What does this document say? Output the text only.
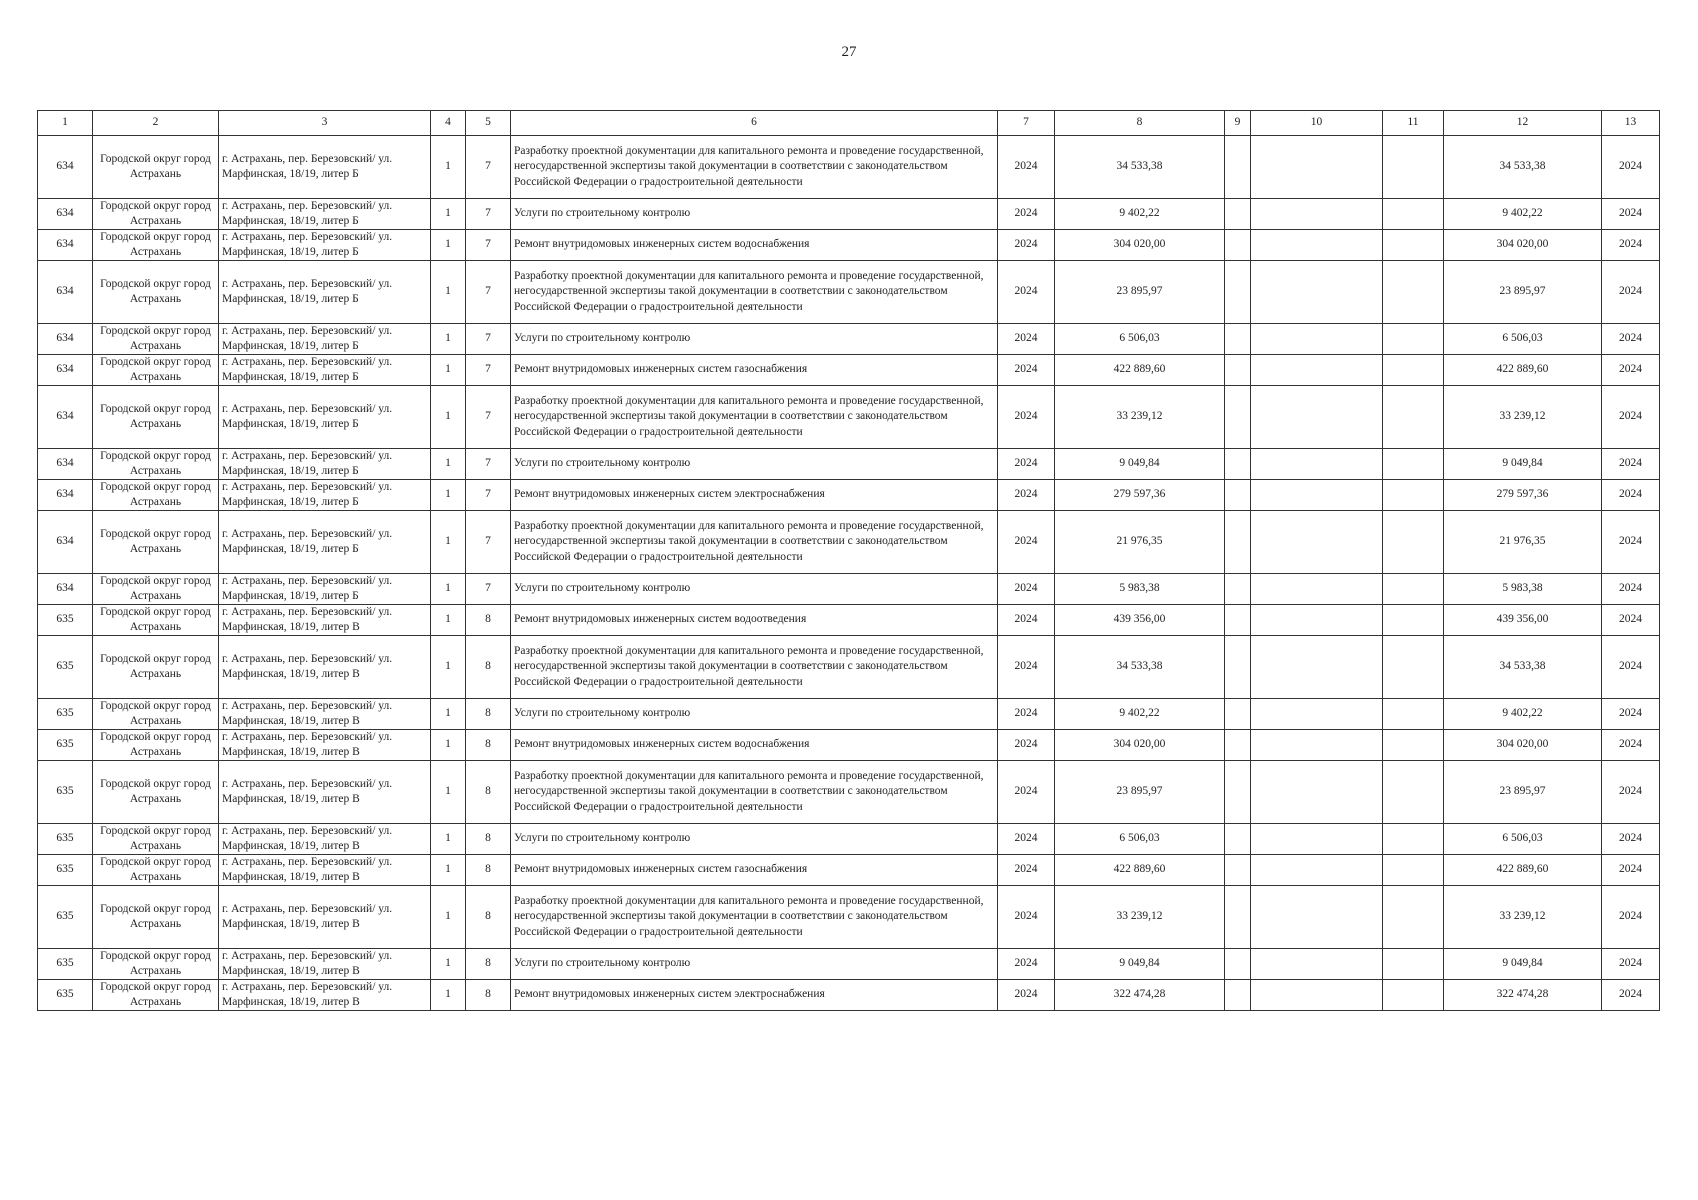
27
1	2	3	4	5	6	7	8	9	10	11	12	13
634	Городской округ город Астрахань	г. Астрахань, пер. Березовский/ ул. Марфинская, 18/19, литер Б	1	7	Разработку проектной документации для капитального ремонта и проведение государственной, негосударственной экспертизы такой документации в соответствии с законодательством Российской Федерации о градостроительной деятельности	2024	34 533,38				34 533,38	2024
634	Городской округ город Астрахань	г. Астрахань, пер. Березовский/ ул. Марфинская, 18/19, литер Б	1	7	Услуги по строительному контролю	2024	9 402,22				9 402,22	2024
634	Городской округ город Астрахань	г. Астрахань, пер. Березовский/ ул. Марфинская, 18/19, литер Б	1	7	Ремонт внутридомовых инженерных систем водоснабжения	2024	304 020,00				304 020,00	2024
634	Городской округ город Астрахань	г. Астрахань, пер. Березовский/ ул. Марфинская, 18/19, литер Б	1	7	Разработку проектной документации для капитального ремонта и проведение государственной, негосударственной экспертизы такой документации в соответствии с законодательством Российской Федерации о градостроительной деятельности	2024	23 895,97				23 895,97	2024
634	Городской округ город Астрахань	г. Астрахань, пер. Березовский/ ул. Марфинская, 18/19, литер Б	1	7	Услуги по строительному контролю	2024	6 506,03				6 506,03	2024
634	Городской округ город Астрахань	г. Астрахань, пер. Березовский/ ул. Марфинская, 18/19, литер Б	1	7	Ремонт внутридомовых инженерных систем газоснабжения	2024	422 889,60				422 889,60	2024
634	Городской округ город Астрахань	г. Астрахань, пер. Березовский/ ул. Марфинская, 18/19, литер Б	1	7	Разработку проектной документации для капитального ремонта и проведение государственной, негосударственной экспертизы такой документации в соответствии с законодательством Российской Федерации о градостроительной деятельности	2024	33 239,12				33 239,12	2024
634	Городской округ город Астрахань	г. Астрахань, пер. Березовский/ ул. Марфинская, 18/19, литер Б	1	7	Услуги по строительному контролю	2024	9 049,84				9 049,84	2024
634	Городской округ город Астрахань	г. Астрахань, пер. Березовский/ ул. Марфинская, 18/19, литер Б	1	7	Ремонт внутридомовых инженерных систем электроснабжения	2024	279 597,36				279 597,36	2024
634	Городской округ город Астрахань	г. Астрахань, пер. Березовский/ ул. Марфинская, 18/19, литер Б	1	7	Разработку проектной документации для капитального ремонта и проведение государственной, негосударственной экспертизы такой документации в соответствии с законодательством Российской Федерации о градостроительной деятельности	2024	21 976,35				21 976,35	2024
634	Городской округ город Астрахань	г. Астрахань, пер. Березовский/ ул. Марфинская, 18/19, литер Б	1	7	Услуги по строительному контролю	2024	5 983,38				5 983,38	2024
635	Городской округ город Астрахань	г. Астрахань, пер. Березовский/ ул. Марфинская, 18/19, литер В	1	8	Ремонт внутридомовых инженерных систем водоотведения	2024	439 356,00				439 356,00	2024
635	Городской округ город Астрахань	г. Астрахань, пер. Березовский/ ул. Марфинская, 18/19, литер В	1	8	Разработку проектной документации для капитального ремонта и проведение государственной, негосударственной экспертизы такой документации в соответствии с законодательством Российской Федерации о градостроительной деятельности	2024	34 533,38				34 533,38	2024
635	Городской округ город Астрахань	г. Астрахань, пер. Березовский/ ул. Марфинская, 18/19, литер В	1	8	Услуги по строительному контролю	2024	9 402,22				9 402,22	2024
635	Городской округ город Астрахань	г. Астрахань, пер. Березовский/ ул. Марфинская, 18/19, литер В	1	8	Ремонт внутридомовых инженерных систем водоснабжения	2024	304 020,00				304 020,00	2024
635	Городской округ город Астрахань	г. Астрахань, пер. Березовский/ ул. Марфинская, 18/19, литер В	1	8	Разработку проектной документации для капитального ремонта и проведение государственной, негосударственной экспертизы такой документации в соответствии с законодательством Российской Федерации о градостроительной деятельности	2024	23 895,97				23 895,97	2024
635	Городской округ город Астрахань	г. Астрахань, пер. Березовский/ ул. Марфинская, 18/19, литер В	1	8	Услуги по строительному контролю	2024	6 506,03				6 506,03	2024
635	Городской округ город Астрахань	г. Астрахань, пер. Березовский/ ул. Марфинская, 18/19, литер В	1	8	Ремонт внутридомовых инженерных систем газоснабжения	2024	422 889,60				422 889,60	2024
635	Городской округ город Астрахань	г. Астрахань, пер. Березовский/ ул. Марфинская, 18/19, литер В	1	8	Разработку проектной документации для капитального ремонта и проведение государственной, негосударственной экспертизы такой документации в соответствии с законодательством Российской Федерации о градостроительной деятельности	2024	33 239,12				33 239,12	2024
635	Городской округ город Астрахань	г. Астрахань, пер. Березовский/ ул. Марфинская, 18/19, литер В	1	8	Услуги по строительному контролю	2024	9 049,84				9 049,84	2024
635	Городской округ город Астрахань	г. Астрахань, пер. Березовский/ ул. Марфинская, 18/19, литер В	1	8	Ремонт внутридомовых инженерных систем электроснабжения	2024	322 474,28				322 474,28	2024
